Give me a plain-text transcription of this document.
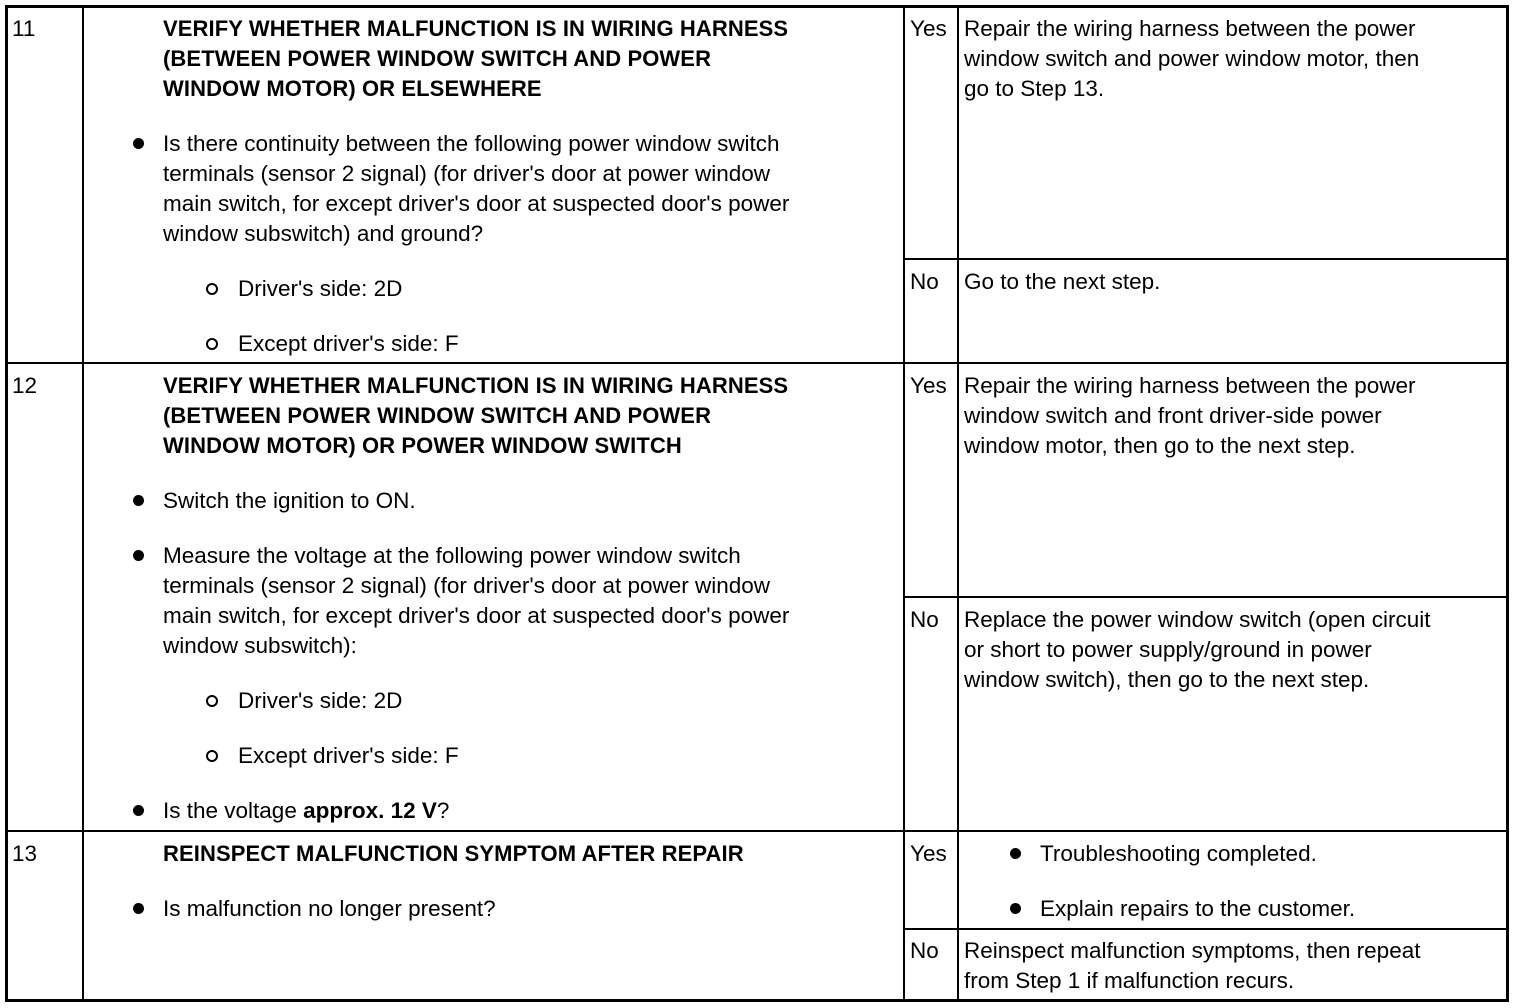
11	VERIFY WHETHER MALFUNCTION IS IN WIRING HARNESS
(BETWEEN POWER WINDOW SWITCH AND POWER
WINDOW MOTOR) OR ELSEWHERE
Is there continuity between the following power window switch
terminals (sensor 2 signal) (for driver's door at power window
main switch, for except driver's door at suspected door's power
window subswitch) and ground?
Driver's side: 2D
Except driver's side: F
Yes Repair the wiring harness between the power
window switch and power window motor, then
go to Step 13.
No Go to the next step.
12	VERIFY WHETHER MALFUNCTION IS IN WIRING HARNESS
(BETWEEN POWER WINDOW SWITCH AND POWER
WINDOW MOTOR) OR POWER WINDOW SWITCH
Switch the ignition to ON.
Measure the voltage at the following power window switch
terminals (sensor 2 signal) (for driver's door at power window
main switch, for except driver's door at suspected door's power
window subswitch):
Driver's side: 2D
Except driver's side: F
Is the voltage approx. 12 V?
Yes Repair the wiring harness between the power
window switch and front driver-side power
window motor, then go to the next step.
No Replace the power window switch (open circuit
or short to power supply/ground in power
window switch), then go to the next step.
13	REINSPECT MALFUNCTION SYMPTOM AFTER REPAIR
Is malfunction no longer present?
Yes	Troubleshooting completed.
Explain repairs to the customer.
No Reinspect malfunction symptoms, then repeat
from Step 1 if malfunction recurs.
